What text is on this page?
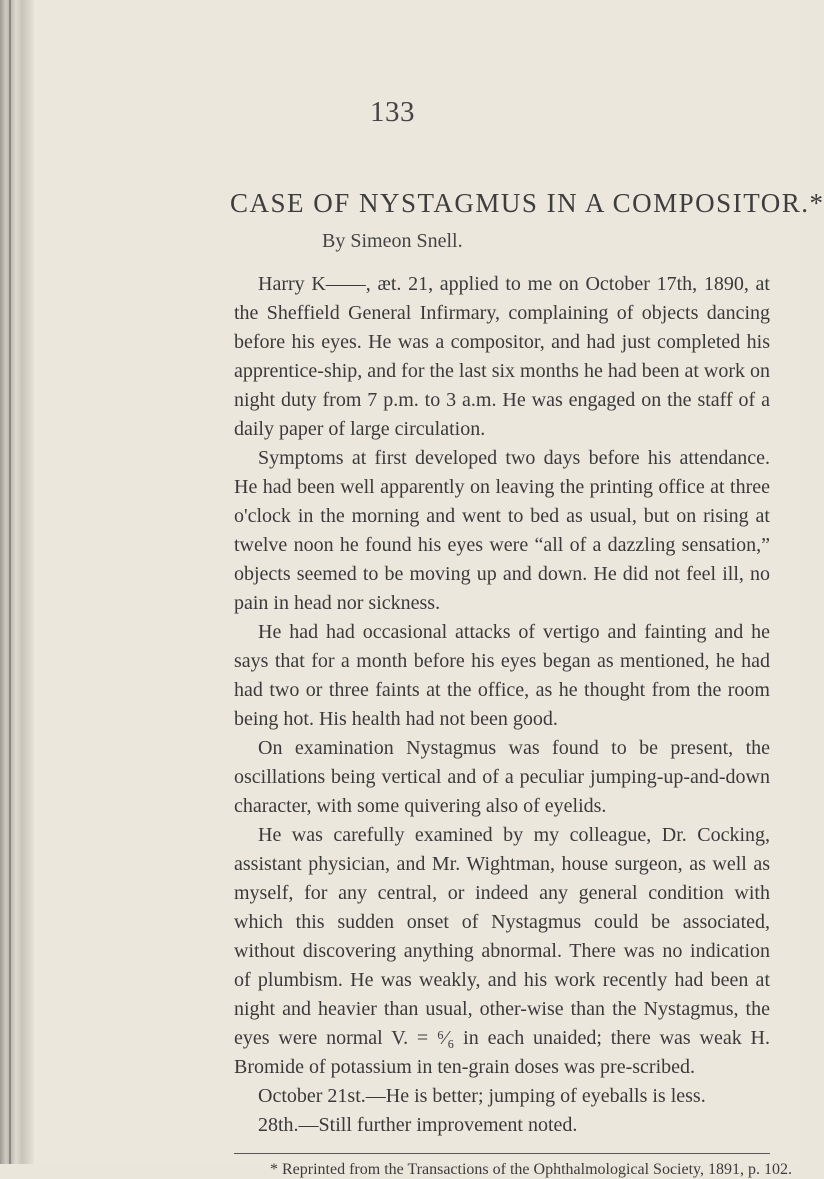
133
CASE OF NYSTAGMUS IN A COMPOSITOR.*
By Simeon Snell.

Harry K——, æt. 21, applied to me on October 17th, 1890, at the Sheffield General Infirmary, complaining of objects dancing before his eyes. He was a compositor, and had just completed his apprentice-ship, and for the last six months he had been at work on night duty from 7 p.m. to 3 a.m. He was engaged on the staff of a daily paper of large circulation.

Symptoms at first developed two days before his attendance. He had been well apparently on leaving the printing office at three o'clock in the morning and went to bed as usual, but on rising at twelve noon he found his eyes were “all of a dazzling sensation,” objects seemed to be moving up and down. He did not feel ill, no pain in head nor sickness.

He had had occasional attacks of vertigo and fainting and he says that for a month before his eyes began as mentioned, he had had two or three faints at the office, as he thought from the room being hot. His health had not been good.

On examination Nystagmus was found to be present, the oscillations being vertical and of a peculiar jumping-up-and-down character, with some quivering also of eyelids.

He was carefully examined by my colleague, Dr. Cocking, assistant physician, and Mr. Wightman, house surgeon, as well as myself, for any central, or indeed any general condition with which this sudden onset of Nystagmus could be associated, without discovering anything abnormal. There was no indication of plumbism. He was weakly, and his work recently had been at night and heavier than usual, other-wise than the Nystagmus, the eyes were normal V. = ⁶⁄₆ in each unaided; there was weak H. Bromide of potassium in ten-grain doses was pre-scribed.

October 21st.—He is better; jumping of eyeballs is less.

28th.—Still further improvement noted.

* Reprinted from the Transactions of the Ophthalmological Society, 1891, p. 102.
